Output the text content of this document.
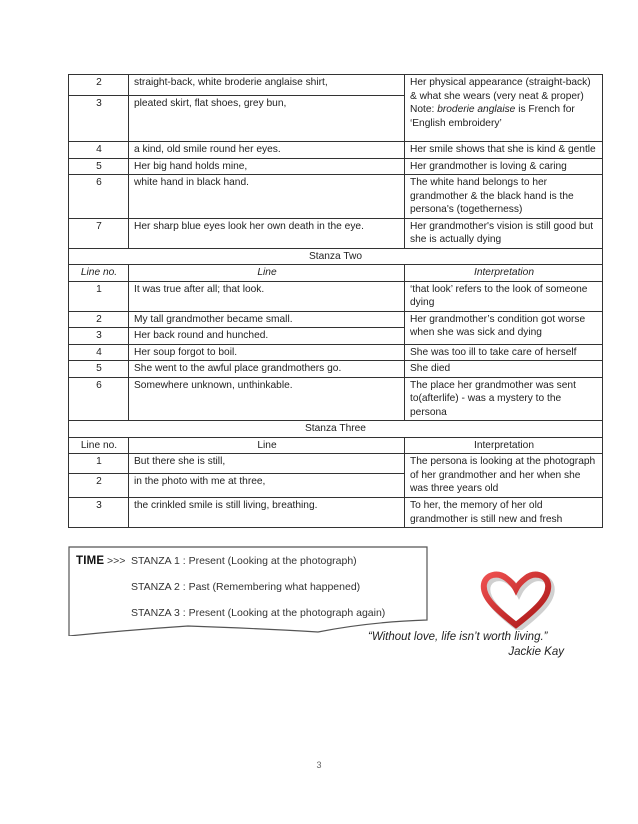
2	straight-back, white broderie anglaise shirt,	Her physical appearance (straight-back) & what she wears (very neat & proper) Note: broderie anglaise is French for ‘English embroidery’
3	pleated skirt, flat shoes, grey bun,	
4	a kind, old smile round her eyes.	Her smile shows that she is kind & gentle
5	Her big hand holds mine,	Her grandmother is loving & caring
6	white hand in black hand.	The white hand belongs to her grandmother & the black hand is the persona's (togetherness)
7	Her sharp blue eyes look her own death in the eye.	Her grandmother's vision is still good but she is actually dying
Stanza Two		
Line no.	Line	Interpretation
1	It was true after all; that look.	‘that look’ refers to the look of someone dying
2	My tall grandmother became small.	Her grandmother’s condition got worse when she was sick and dying
3	Her back round and hunched.	
4	Her soup forgot to boil.	She was too ill to take care of herself
5	She went to the awful place grandmothers go.	She died
6	Somewhere unknown, unthinkable.	The place her grandmother was sent to(afterlife) - was a mystery to the persona
Stanza Three		
Line no.	Line	Interpretation
1	But there she is still,	The persona is looking at the photograph of her grandmother and her when she was three years old
2	in the photo with me at three,	
3	the crinkled smile is still living, breathing.	To her, the memory of her old grandmother is still new and fresh
TIME >>> STANZA 1 : Present (Looking at the photograph)
STANZA 2 : Past (Remembering what happened)
STANZA 3 : Present (Looking at the photograph again)
“Without love, life isn’t worth living.”
Jackie Kay
3
